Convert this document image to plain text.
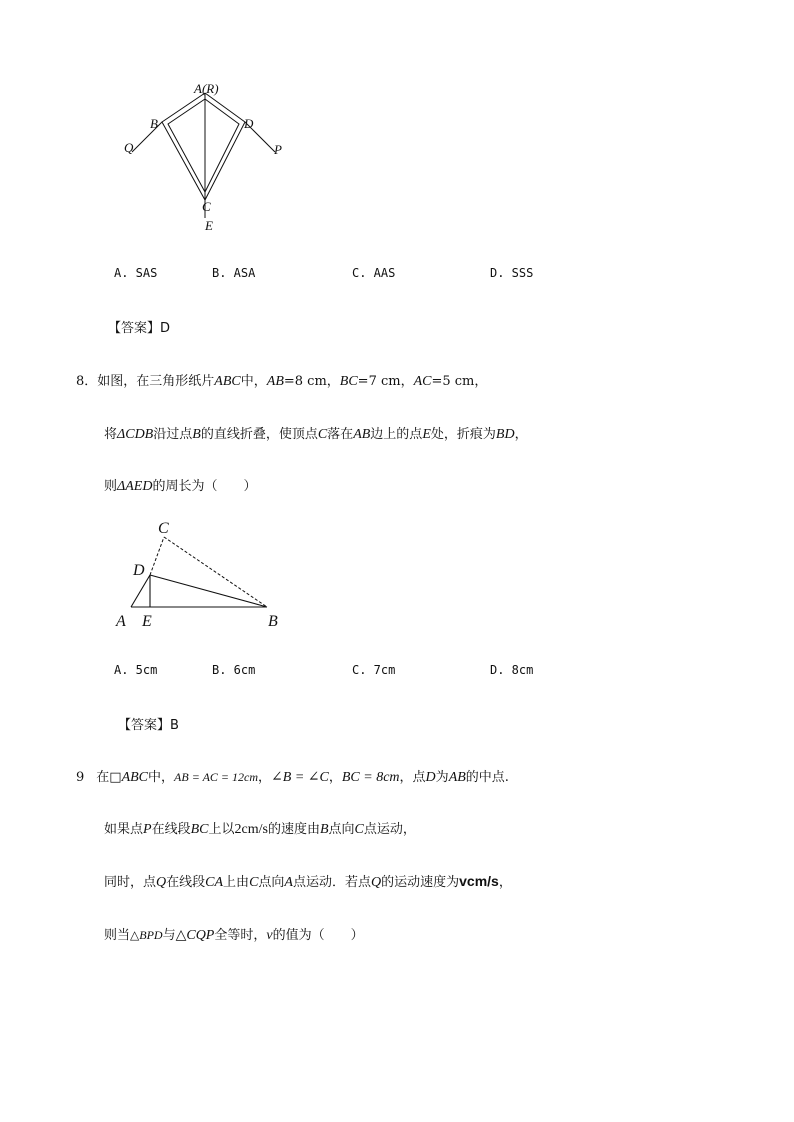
A(R)
B	D
Q	P
C
E
A. SAS	B. ASA	C. AAS	D. SSS
【答案】D
8．如图，在三角形纸片ABC中，AB=8 cm，BC=7 cm，AC=5 cm，
将ΔCDB沿过点B的直线折叠，使顶点C落在AB边上的点E处，折痕为BD，
则ΔAED的周长为（　　）
C
D
A E	B
A. 5cm	B. 6cm	C. 7cm	D. 8cm
【答案】B
9 在□ABC中，AB = AC = 12cm，∠B = ∠C，BC = 8cm，点D为AB的中点.
如果点P在线段BC上以2cm/s的速度由B点向C点运动，
同时，点Q在线段CA上由C点向A点运动．若点Q的运动速度为vcm/s，
则当△BPD与△CQP全等时，v的值为（　　）
